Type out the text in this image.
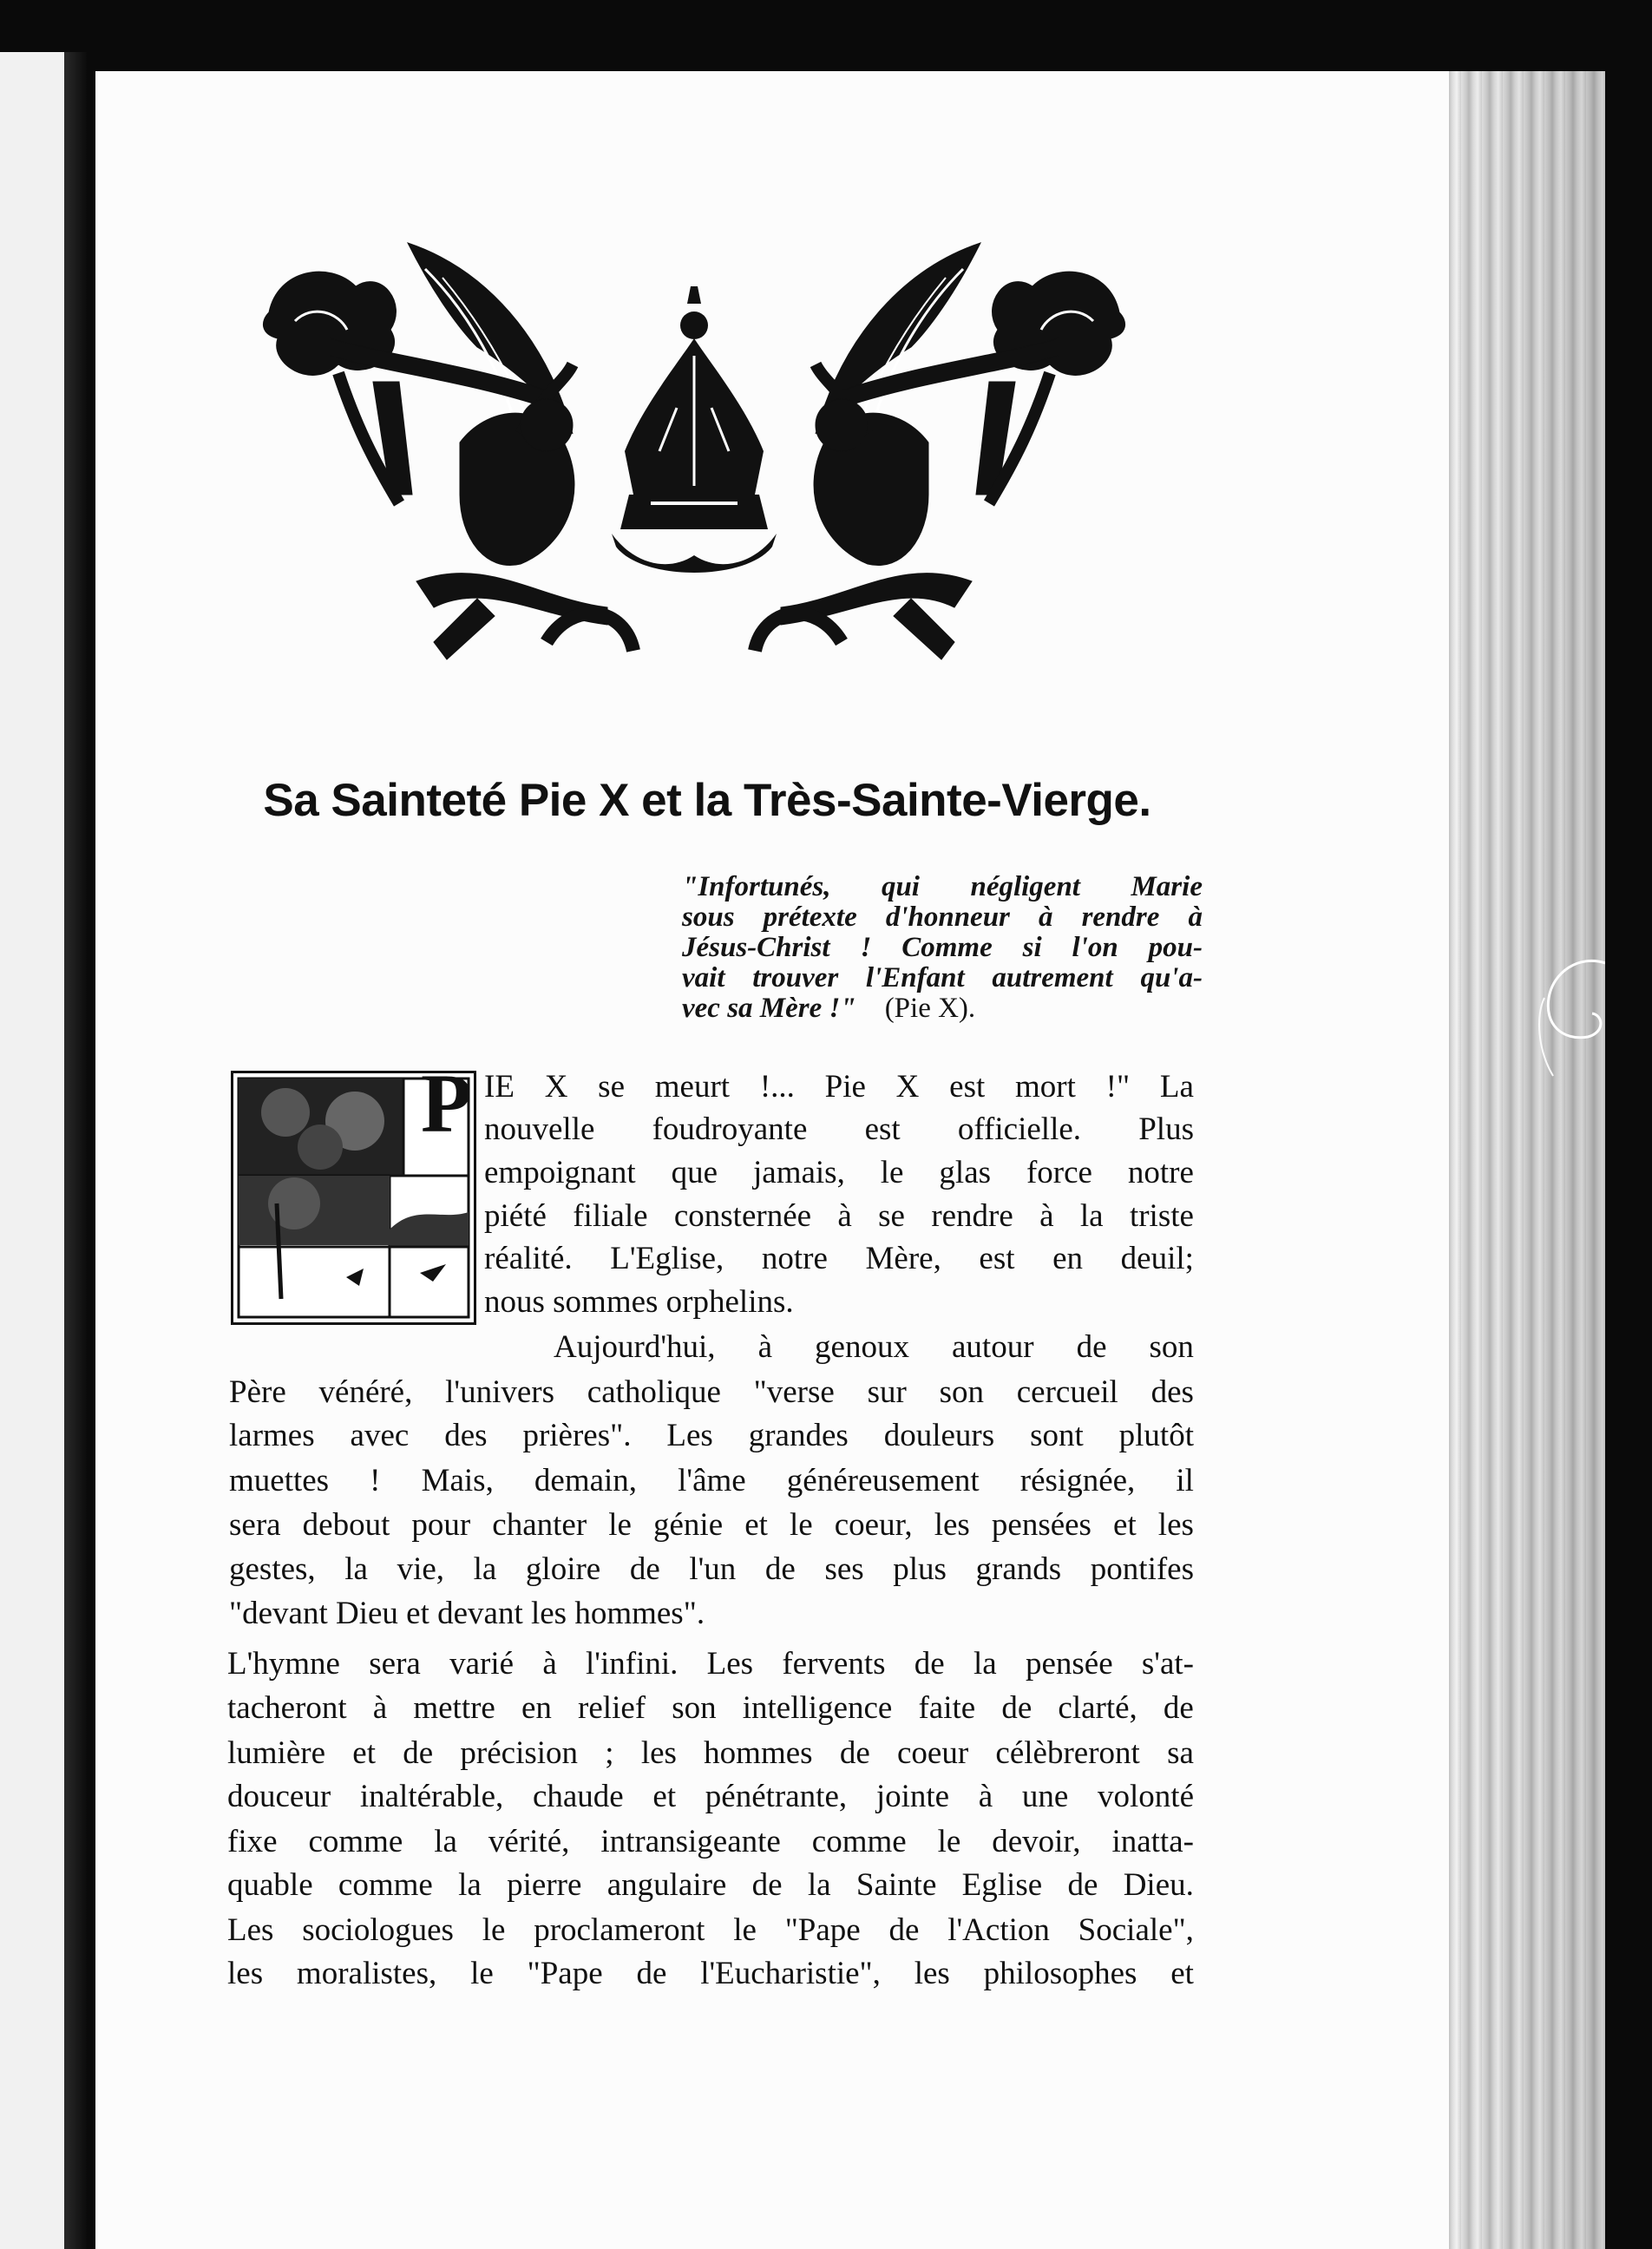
Sa Sainteté Pie X et la Très-Sainte-Vierge.
"Infortunés, qui négligent Marie
sous prétexte d'honneur à rendre à
Jésus-Christ ! Comme si l'on pou-
vait trouver l'Enfant autrement qu'a-
vec sa Mère !" (Pie X).
P IE X se meurt !... Pie X est mort !" La
nouvelle foudroyante est officielle. Plus
empoignant que jamais, le glas force notre
piété filiale consternée à se rendre à la triste
réalité. L'Eglise, notre Mère, est en deuil;
nous sommes orphelins.
Aujourd'hui, à genoux autour de son
Père vénéré, l'univers catholique "verse sur son cercueil des
larmes avec des prières". Les grandes douleurs sont plutôt
muettes ! Mais, demain, l'âme généreusement résignée, il
sera debout pour chanter le génie et le coeur, les pensées et les
gestes, la vie, la gloire de l'un de ses plus grands pontifes
"devant Dieu et devant les hommes".
L'hymne sera varié à l'infini. Les fervents de la pensée s'at-
tacheront à mettre en relief son intelligence faite de clarté, de
lumière et de précision ; les hommes de coeur célèbreront sa
douceur inaltérable, chaude et pénétrante, jointe à une volonté
fixe comme la vérité, intransigeante comme le devoir, inatta-
quable comme la pierre angulaire de la Sainte Eglise de Dieu.
Les sociologues le proclameront le "Pape de l'Action Sociale",
les moralistes, le "Pape de l'Eucharistie", les philosophes et
